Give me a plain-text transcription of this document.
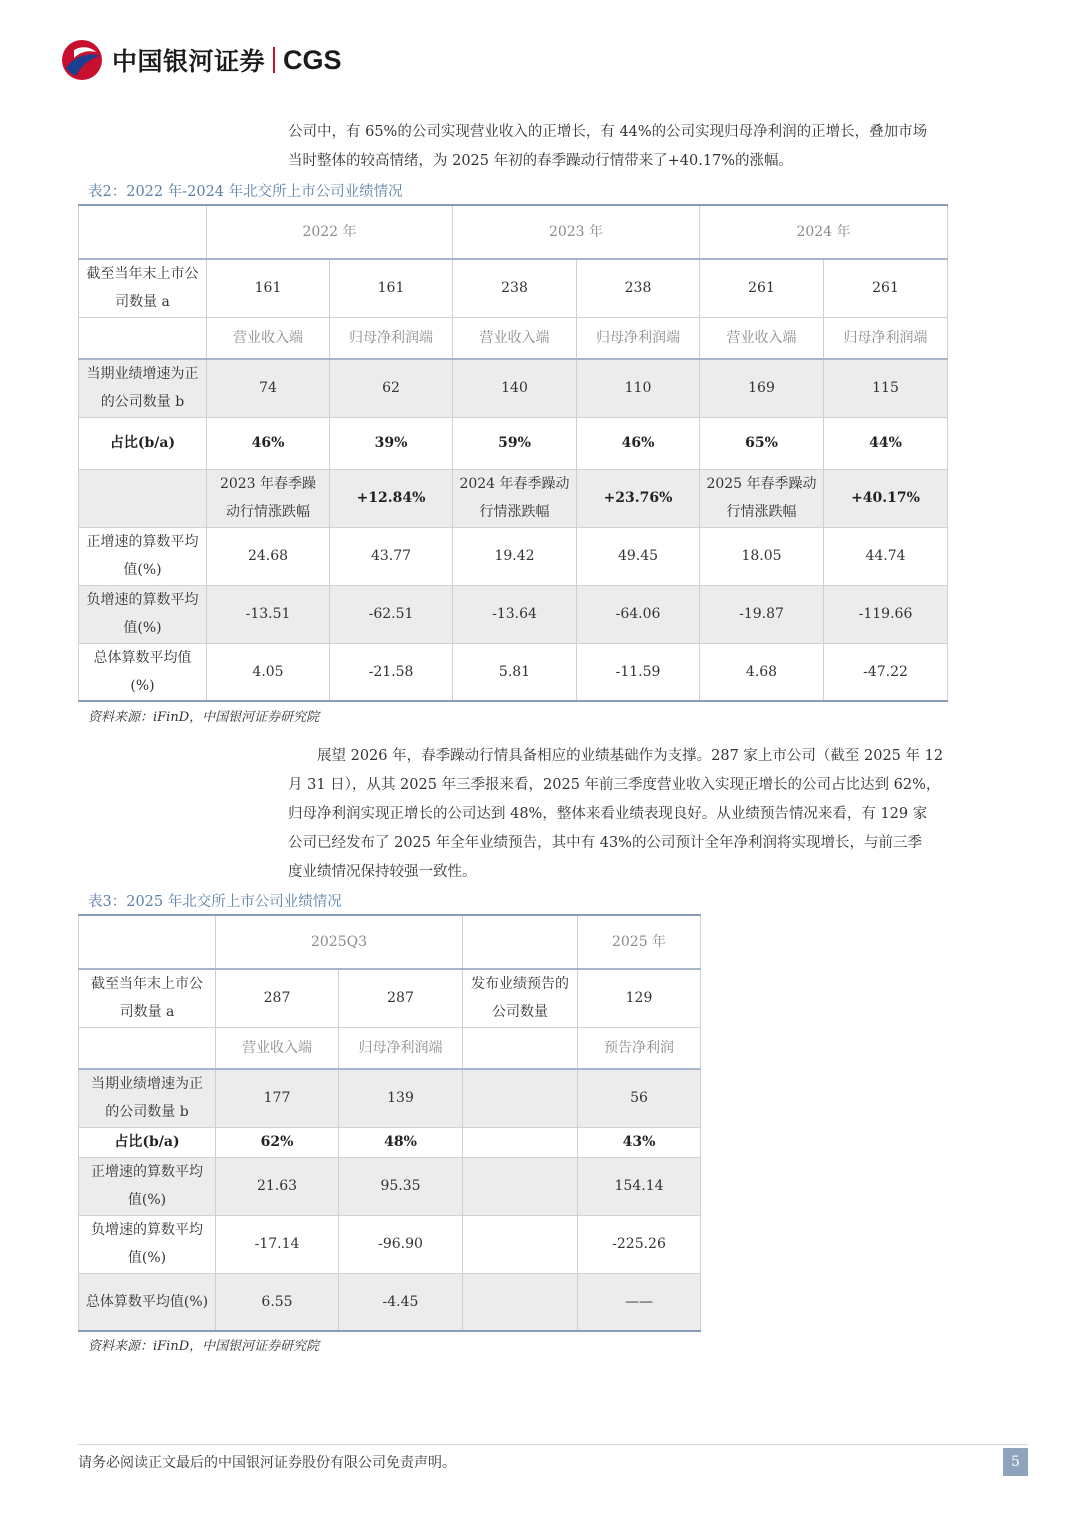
中国银河证券 CGS

公司中，有 65%的公司实现营业收入的正增长，有 44%的公司实现归母净利润的正增长，叠加市场

当时整体的较高情绪，为 2025 年初的春季躁动行情带来了+40.17%的涨幅。

表2：2022 年-2024 年北交所上市公司业绩情况
	2022 年		2023 年		2024 年	
截至当年末上市公司数量 a	161	161	238	238	261	261
	营业收入端	归母净利润端	营业收入端	归母净利润端	营业收入端	归母净利润端
当期业绩增速为正的公司数量 b	74	62	140	110	169	115
占比(b/a)	46%	39%	59%	46%	65%	44%
	2023 年春季躁动行情涨跌幅	+12.84%	2024 年春季躁动行情涨跌幅	+23.76%	2025 年春季躁动行情涨跌幅	+40.17%
正增速的算数平均值(%)	24.68	43.77	19.42	49.45	18.05	44.74
负增速的算数平均值(%)	-13.51	-62.51	-13.64	-64.06	-19.87	-119.66
总体算数平均值(%)	4.05	-21.58	5.81	-11.59	4.68	-47.22
资料来源：iFinD，中国银河证券研究院

展望 2026 年，春季躁动行情具备相应的业绩基础作为支撑。287 家上市公司（截至 2025 年 12

月 31 日），从其 2025 年三季报来看，2025 年前三季度营业收入实现正增长的公司占比达到 62%，

归母净利润实现正增长的公司达到 48%，整体来看业绩表现良好。从业绩预告情况来看，有 129 家

公司已经发布了 2025 年全年业绩预告，其中有 43%的公司预计全年净利润将实现增长，与前三季

度业绩情况保持较强一致性。

表3：2025 年北交所上市公司业绩情况
	2025Q3			2025 年
截至当年末上市公司数量 a	287	287	发布业绩预告的公司数量	129
	营业收入端	归母净利润端		预告净利润
当期业绩增速为正的公司数量 b	177	139		56
占比(b/a)	62%	48%		43%
正增速的算数平均值(%)	21.63	95.35		154.14
负增速的算数平均值(%)	-17.14	-96.90		-225.26
总体算数平均值(%)	6.55	-4.45		——
资料来源：iFinD，中国银河证券研究院
请务必阅读正文最后的中国银河证券股份有限公司免责声明。	5
